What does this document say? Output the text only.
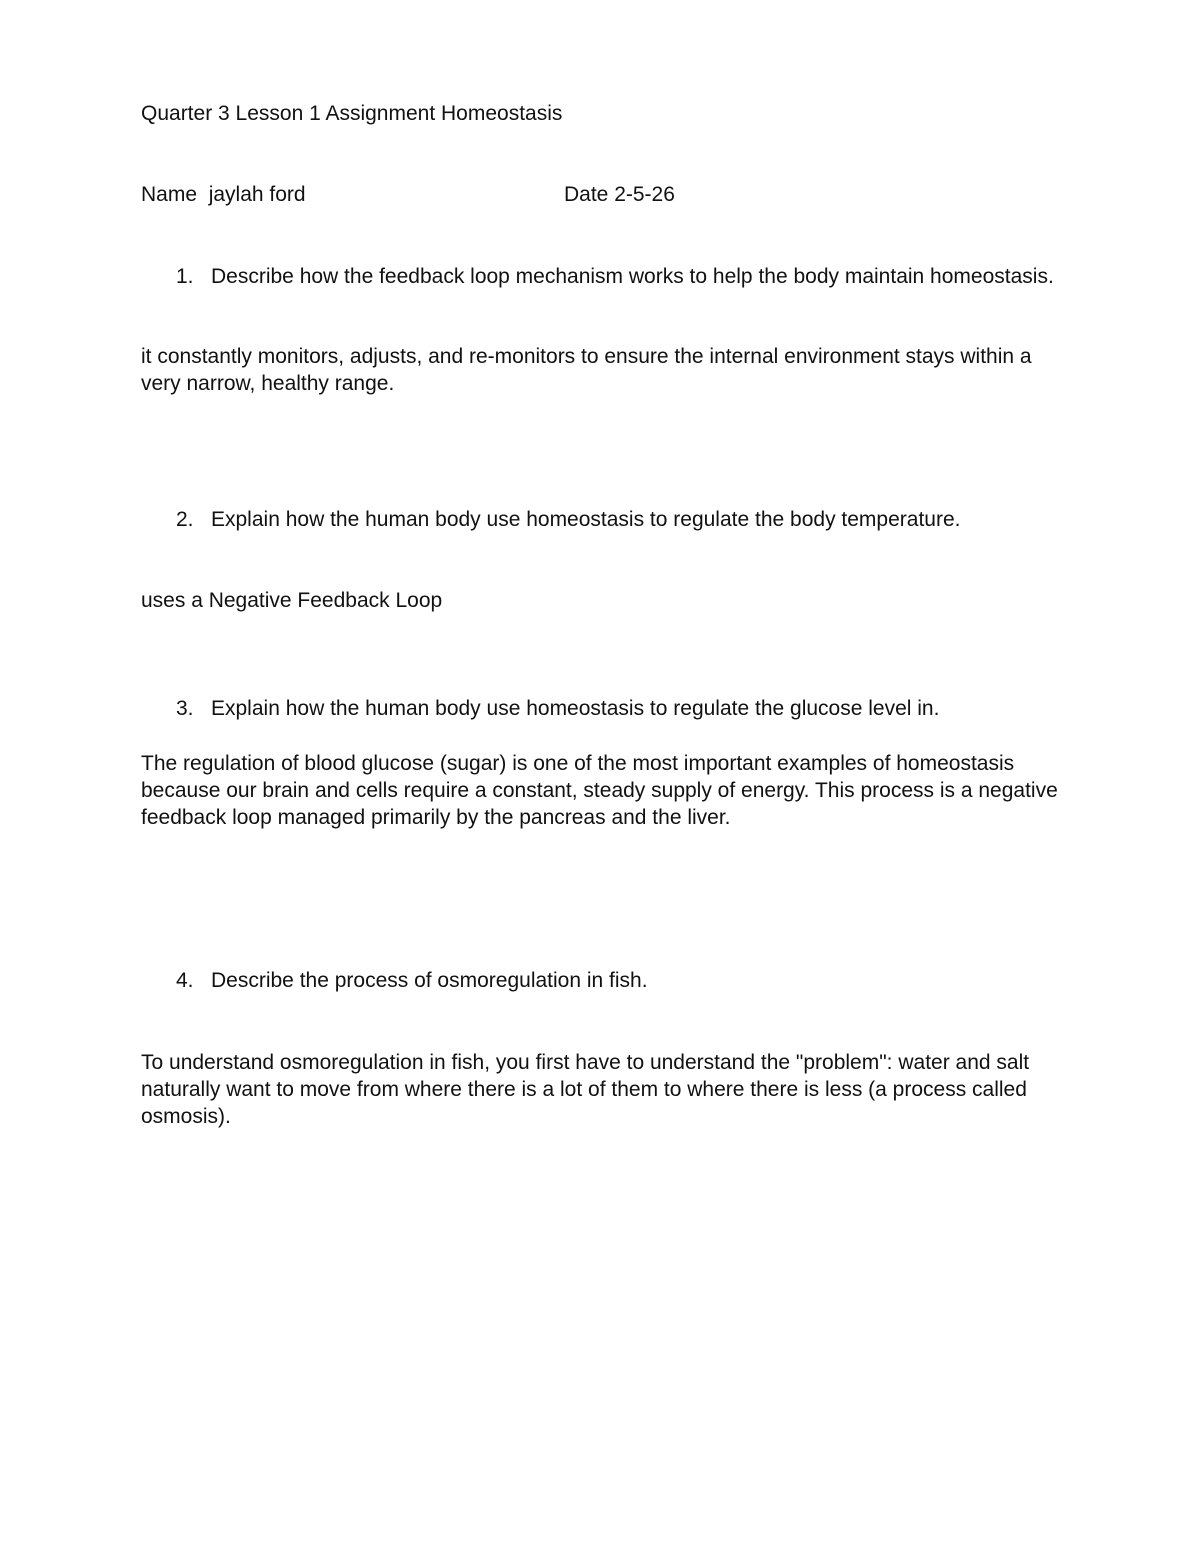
Quarter 3 Lesson 1 Assignment Homeostasis
Name jaylah ford	Date 2-5-26
1. Describe how the feedback loop mechanism works to help the body maintain homeostasis.
it constantly monitors, adjusts, and re-monitors to ensure the internal environment stays within a very narrow, healthy range.
2. Explain how the human body use homeostasis to regulate the body temperature.
uses a Negative Feedback Loop
3. Explain how the human body use homeostasis to regulate the glucose level in.
The regulation of blood glucose (sugar) is one of the most important examples of homeostasis because our brain and cells require a constant, steady supply of energy. This process is a negative feedback loop managed primarily by the pancreas and the liver.
4. Describe the process of osmoregulation in fish.
To understand osmoregulation in fish, you first have to understand the "problem": water and salt naturally want to move from where there is a lot of them to where there is less (a process called osmosis).
